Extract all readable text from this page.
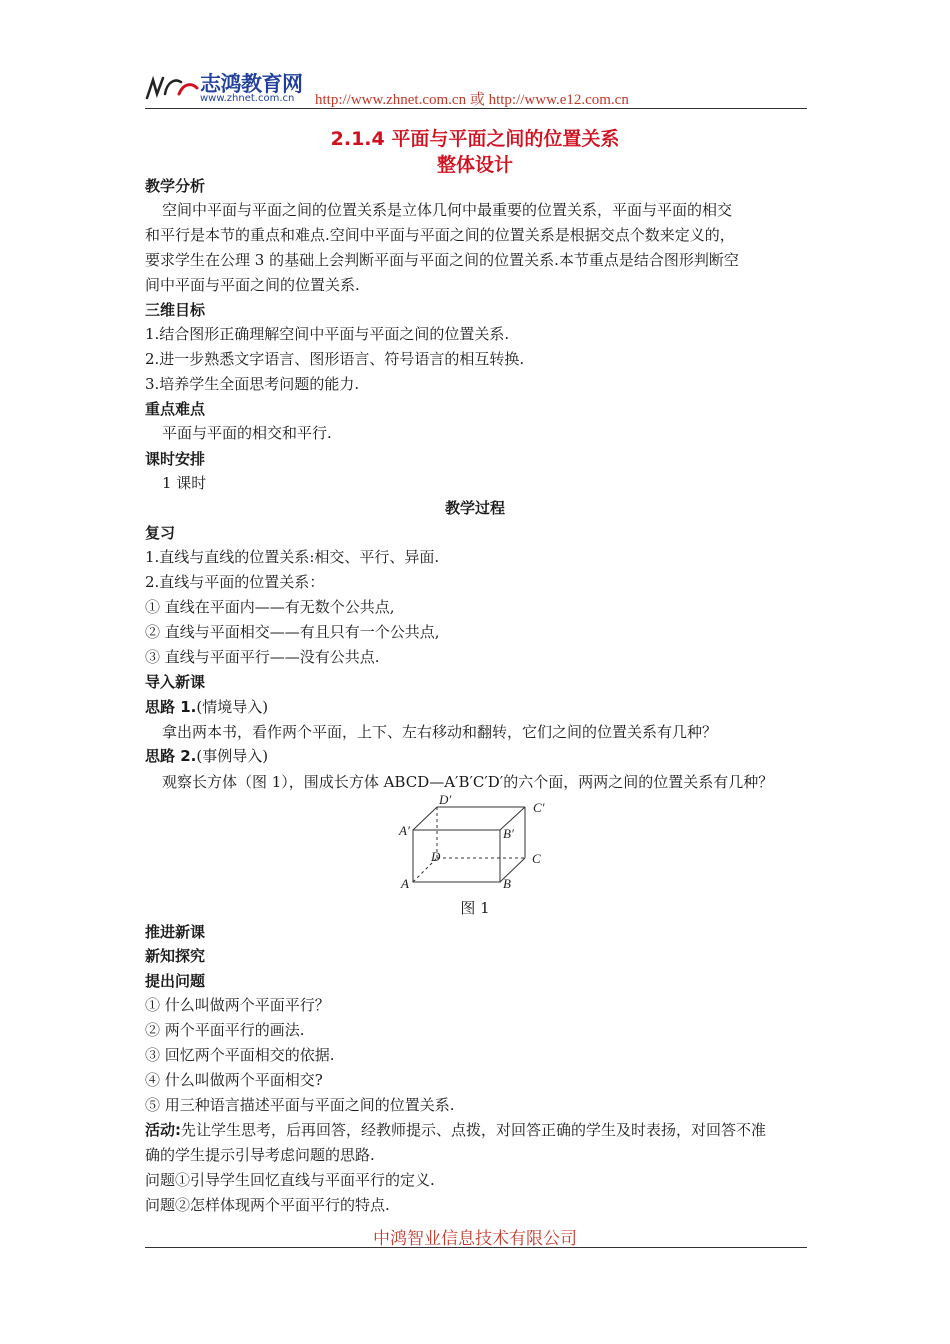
志鸿教育网
www.zhnet.com.cn http://www.zhnet.com.cn 或 http://www.e12.com.cn
2.1.4 平面与平面之间的位置关系
整体设计
教学分析
空间中平面与平面之间的位置关系是立体几何中最重要的位置关系，平面与平面的相交
和平行是本节的重点和难点.空间中平面与平面之间的位置关系是根据交点个数来定义的，
要求学生在公理 3 的基础上会判断平面与平面之间的位置关系.本节重点是结合图形判断空
间中平面与平面之间的位置关系.
三维目标
1.结合图形正确理解空间中平面与平面之间的位置关系.
2.进一步熟悉文字语言、图形语言、符号语言的相互转换.
3.培养学生全面思考问题的能力.
重点难点
平面与平面的相交和平行.
课时安排
1 课时
教学过程
复习
1.直线与直线的位置关系:相交、平行、异面.
2.直线与平面的位置关系：
① 直线在平面内——有无数个公共点,
② 直线与平面相交——有且只有一个公共点,
③ 直线与平面平行——没有公共点.
导入新课
思路 1.(情境导入)
拿出两本书，看作两个平面，上下、左右移动和翻转，它们之间的位置关系有几种？
思路 2.(事例导入)
观察长方体（图 1），围成长方体 ABCD—A′B′C′D′的六个面，两两之间的位置关系有几种？
D′
C′
A′	B′
D	C
A	B
图 1
推进新课
新知探究
提出问题
① 什么叫做两个平面平行？
② 两个平面平行的画法.
③ 回忆两个平面相交的依据.
④ 什么叫做两个平面相交?
⑤ 用三种语言描述平面与平面之间的位置关系.
活动:先让学生思考，后再回答，经教师提示、点拨，对回答正确的学生及时表扬，对回答不准
确的学生提示引导考虑问题的思路.
问题①引导学生回忆直线与平面平行的定义.
问题②怎样体现两个平面平行的特点.
中鸿智业信息技术有限公司
